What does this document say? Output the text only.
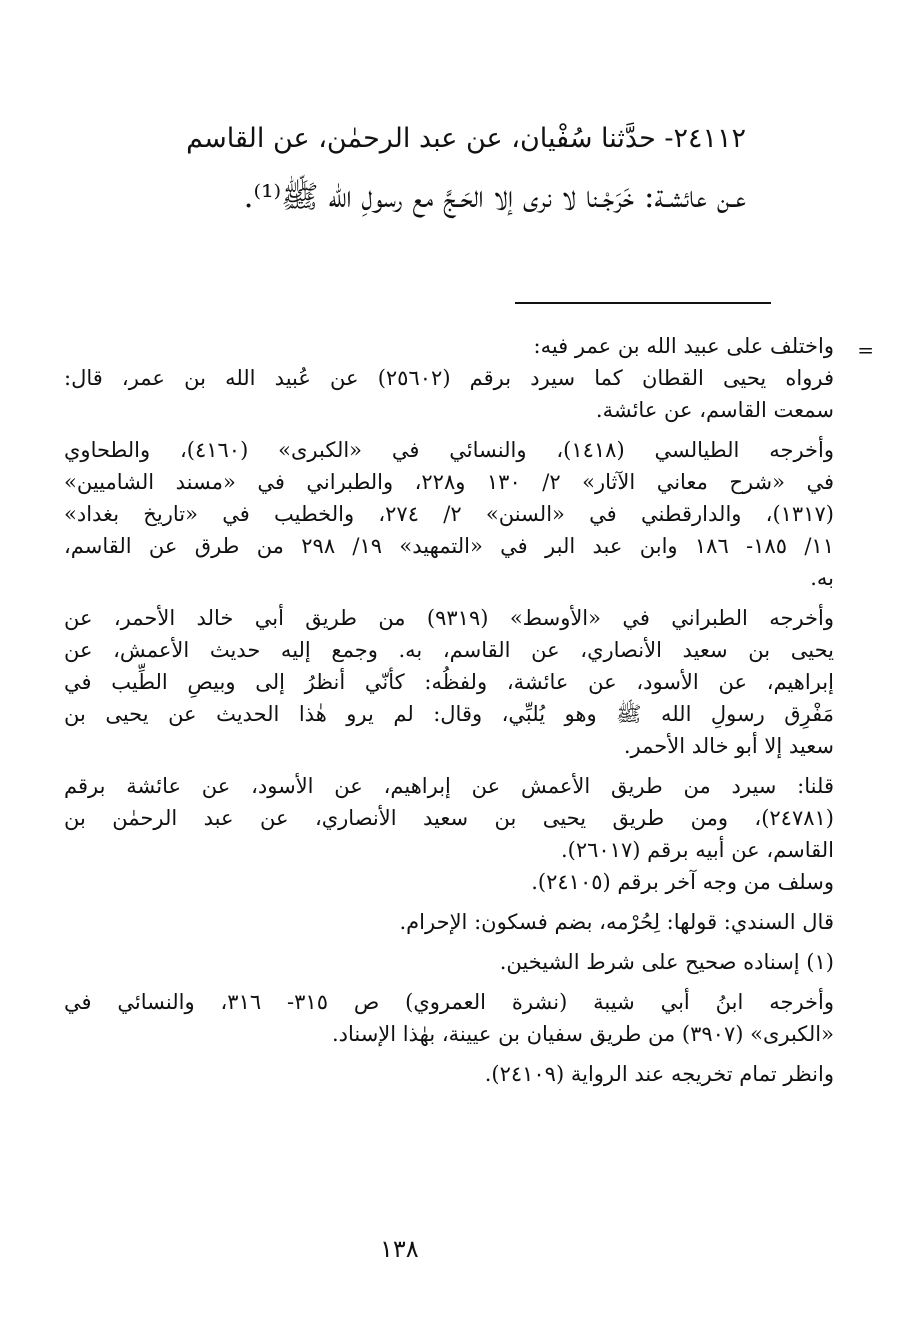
٢٤١١٢- حدَّثنا سُفْيان، عن عبد الرحمٰن، عن القاسم
عـن عائشـة: خَرَجْـنا لا نرى إلا الحَـجَّ مع رسولِ الله ﷺ⁽¹⁾.
=
واختلف على عبيد الله بن عمر فيه:
فرواه يحيى القطان كما سيرد برقم (٢٥٦٠٢) عن عُبيد الله بن عمر، قال:
سمعت القاسم، عن عائشة.
وأخرجه الطيالسي (١٤١٨)، والنسائي في «الكبرى» (٤١٦٠)، والطحاوي
في «شرح معاني الآثار» ٢/ ١٣٠ و٢٢٨، والطبراني في «مسند الشاميين»
(١٣١٧)، والدارقطني في «السنن» ٢/ ٢٧٤، والخطيب في «تاريخ بغداد»
١١/ ١٨٥- ١٨٦ وابن عبد البر في «التمهيد» ١٩/ ٢٩٨ من طرق عن القاسم،
به.
وأخرجه الطبراني في «الأوسط» (٩٣١٩) من طريق أبي خالد الأحمر، عن
يحيى بن سعيد الأنصاري، عن القاسم، به. وجمع إليه حديث الأعمش، عن
إبراهيم، عن الأسود، عن عائشة، ولفظُه: كأنّي أنظرُ إلى وبيصِ الطِّيب في
مَفْرِق رسولِ الله ﷺ وهو يُلبِّي، وقال: لم يرو هٰذا الحديث عن يحيى بن
سعيد إلا أبو خالد الأحمر.
قلنا: سيرد من طريق الأعمش عن إبراهيم، عن الأسود، عن عائشة برقم
(٢٤٧٨١)، ومن طريق يحيى بن سعيد الأنصاري، عن عبد الرحمٰن بن
القاسم، عن أبيه برقم (٢٦٠١٧).
وسلف من وجه آخر برقم (٢٤١٠٥).
قال السندي: قولها: لِحُرْمه، بضم فسكون: الإحرام.
(١) إسناده صحيح على شرط الشيخين.
وأخرجه ابنُ أبي شيبة (نشرة العمروي) ص ٣١٥- ٣١٦، والنسائي في
«الكبرى» (٣٩٠٧) من طريق سفيان بن عيينة، بهٰذا الإسناد.
وانظر تمام تخريجه عند الرواية (٢٤١٠٩).
١٣٨
